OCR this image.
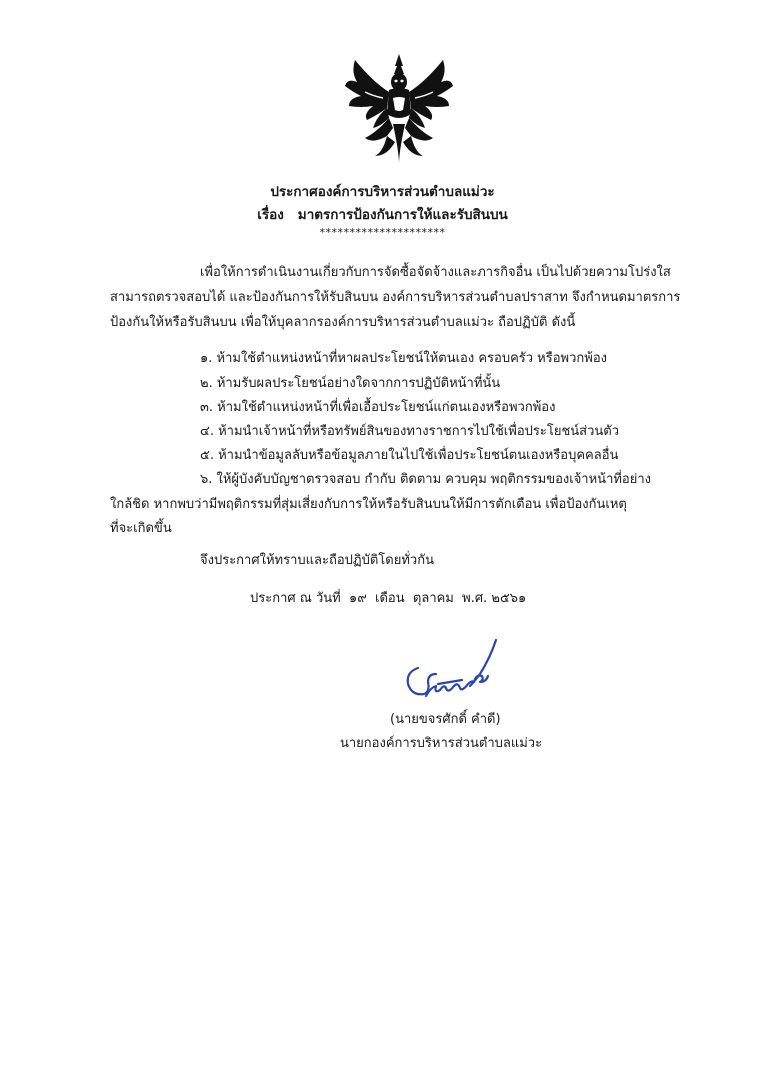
ประกาศองค์การบริหารส่วนตำบลแม่วะ
เรื่อง มาตรการป้องกันการให้และรับสินบน
*********************
เพื่อให้การดำเนินงานเกี่ยวกับการจัดซื้อจัดจ้างและภารกิจอื่น เป็นไปด้วยความโปร่งใส
สามารถตรวจสอบได้ และป้องกันการให้รับสินบน องค์การบริหารส่วนตำบลปราสาท จึงกำหนดมาตรการ
ป้องกันให้หรือรับสินบน เพื่อให้บุคลากรองค์การบริหารส่วนตำบลแม่วะ ถือปฏิบัติ ดังนี้
๑. ห้ามใช้ตำแหน่งหน้าที่หาผลประโยชน์ให้ตนเอง ครอบครัว หรือพวกพ้อง
๒. ห้ามรับผลประโยชน์อย่างใดจากการปฏิบัติหน้าที่นั้น
๓. ห้ามใช้ตำแหน่งหน้าที่เพื่อเอื้อประโยชน์แก่ตนเองหรือพวกพ้อง
๔. ห้ามนำเจ้าหน้าที่หรือทรัพย์สินของทางราชการไปใช้เพื่อประโยชน์ส่วนตัว
๕. ห้ามนำข้อมูลลับหรือข้อมูลภายในไปใช้เพื่อประโยชน์ตนเองหรือบุคคลอื่น
๖. ให้ผู้บังคับบัญชาตรวจสอบ กำกับ ติดตาม ควบคุม พฤติกรรมของเจ้าหน้าที่อย่าง
ใกล้ชิด หากพบว่ามีพฤติกรรมที่สุ่มเสี่ยงกับการให้หรือรับสินบนให้มีการตักเตือน เพื่อป้องกันเหตุ
ที่จะเกิดขึ้น
จึงประกาศให้ทราบและถือปฏิบัติโดยทั่วกัน
ประกาศ ณ วันที่ ๑๙ เดือน ตุลาคม พ.ศ. ๒๕๖๑
(นายขจรศักดิ์ คำดี)
นายกองค์การบริหารส่วนตำบลแม่วะ
